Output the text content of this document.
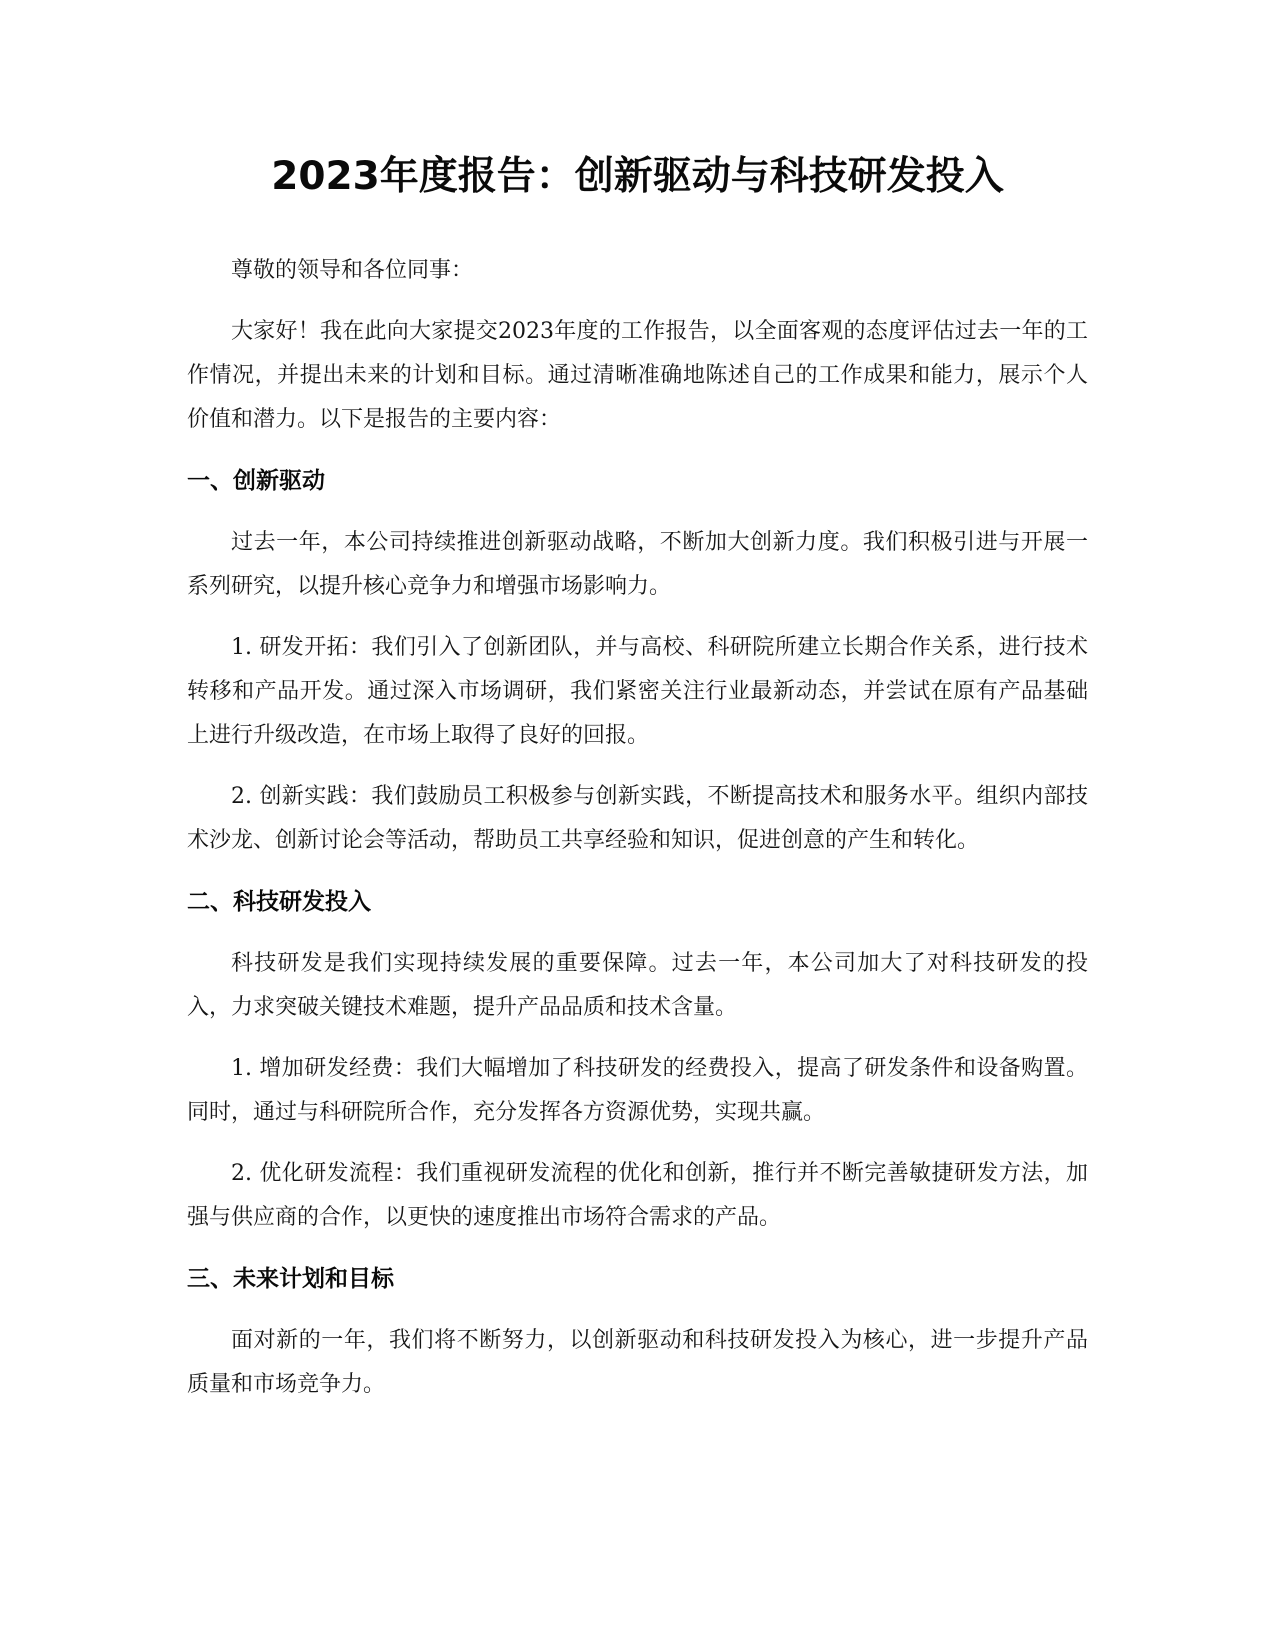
2023年度报告：创新驱动与科技研发投入

尊敬的领导和各位同事：

大家好！我在此向大家提交2023年度的工作报告，以全面客观的态度评估过去一年的工作情况，并提出未来的计划和目标。通过清晰准确地陈述自己的工作成果和能力，展示个人价值和潜力。以下是报告的主要内容：

一、创新驱动

过去一年，本公司持续推进创新驱动战略，不断加大创新力度。我们积极引进与开展一系列研究，以提升核心竞争力和增强市场影响力。

1. 研发开拓：我们引入了创新团队，并与高校、科研院所建立长期合作关系，进行技术转移和产品开发。通过深入市场调研，我们紧密关注行业最新动态，并尝试在原有产品基础上进行升级改造，在市场上取得了良好的回报。

2. 创新实践：我们鼓励员工积极参与创新实践，不断提高技术和服务水平。组织内部技术沙龙、创新讨论会等活动，帮助员工共享经验和知识，促进创意的产生和转化。

二、科技研发投入

科技研发是我们实现持续发展的重要保障。过去一年，本公司加大了对科技研发的投入，力求突破关键技术难题，提升产品品质和技术含量。

1. 增加研发经费：我们大幅增加了科技研发的经费投入，提高了研发条件和设备购置。同时，通过与科研院所合作，充分发挥各方资源优势，实现共赢。

2. 优化研发流程：我们重视研发流程的优化和创新，推行并不断完善敏捷研发方法，加强与供应商的合作，以更快的速度推出市场符合需求的产品。

三、未来计划和目标

面对新的一年，我们将不断努力，以创新驱动和科技研发投入为核心，进一步提升产品质量和市场竞争力。
